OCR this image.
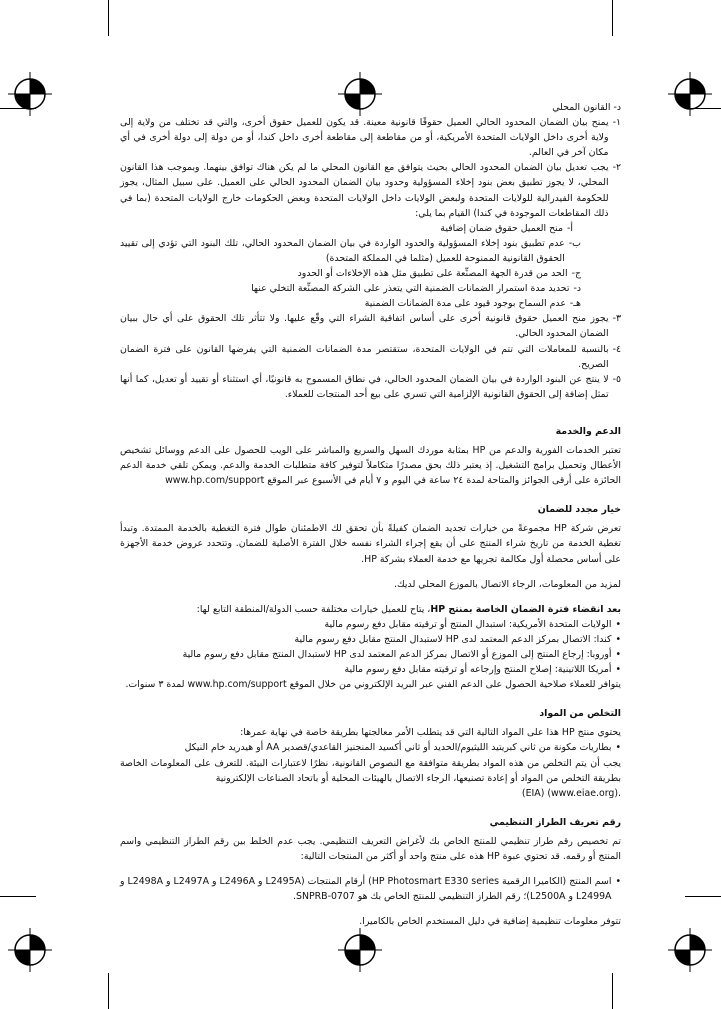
د- القانون المحلي

١-
يمنح بيان الضمان المحدود الحالي العميل حقوقًا قانونية معينة. قد يكون للعميل حقوق أخرى، والتي قد تختلف من ولاية إلى ولاية أخرى داخل الولايات المتحدة الأمريكية، أو من مقاطعة إلى مقاطعة أخرى داخل كندا، أو من دولة إلى دولة أخرى في أي مكان آخر في العالم.

٢-
يجب تعديل بيان الضمان المحدود الحالي بحيث يتوافق مع القانون المحلي ما لم يكن هناك توافق بينهما. وبموجب هذا القانون المحلي، لا يجوز تطبيق بعض بنود إخلاء المسؤولية وحدود بيان الضمان المحدود الحالي على العميل. على سبيل المثال، يجوز للحكومة الفيدرالية للولايات المتحدة ولبعض الولايات داخل الولايات المتحدة وبعض الحكومات خارج الولايات المتحدة (بما في ذلك المقاطعات الموجودة في كندا) القيام بما يلي:

أ-
منح العميل حقوق ضمان إضافية

ب-
عدم تطبيق بنود إخلاء المسؤولية والحدود الواردة في بيان الضمان المحدود الحالي، تلك البنود التي تؤدي إلى تقييد الحقوق القانونية الممنوحة للعميل (مثلما في المملكة المتحدة)

ج-
الحد من قدرة الجهة المصنِّعة على تطبيق مثل هذه الإخلاءات أو الحدود

د-
تحديد مدة استمرار الضمانات الضمنية التي يتعذر على الشركة المصنِّعة التخلي عنها

هـ-
عدم السماح بوجود قيود على مدة الضمانات الضمنية

٣-
يجوز منح العميل حقوق قانونية أخرى على أساس اتفاقية الشراء التي وقّع عليها. ولا تتأثر تلك الحقوق على أي حال ببيان الضمان المحدود الحالي.

٤-
بالنسبة للمعاملات التي تتم في الولايات المتحدة، ستقتصر مدة الضمانات الضمنية التي يفرضها القانون على فترة الضمان الصريح.

٥-
لا ينتج عن البنود الواردة في بيان الضمان المحدود الحالي، في نطاق المسموح به قانونيًا، أي استثناء أو تقييد أو تعديل، كما أنها تمثل إضافة إلى الحقوق القانونية الإلزامية التي تسري على بيع أحد المنتجات للعملاء.

الدعم والخدمة

تعتبر الخدمات الفورية والدعم من HP بمثابة موردك السهل والسريع والمباشر على الويب للحصول على الدعم ووسائل تشخيص الأعطال وتحميل برامج التشغيل. إذ يعتبر ذلك بحق مصدرًا متكاملاً لتوفير كافة متطلبات الخدمة والدعم. ويمكن تلقي خدمة الدعم الحائزة على أرقى الجوائز والمتاحة لمدة ٢٤ ساعة في اليوم و ٧ أيام في الأسبوع عبر الموقع www.hp.com/support

خيار مجدد للضمان

تعرض شركة HP مجموعةً من خيارات تجديد الضمان كفيلةً بأن تحقق لك الاطمئنان طوال فترة التغطية بالخدمة الممتدة. وتبدأ تغطية الخدمة من تاريخ شراء المنتج على أن يقع إجراء الشراء نفسه خلال الفترة الأصلية للضمان. وتتحدد عروض خدمة الأجهزة على أساس محصلة أول مكالمة تجريها مع خدمة العملاء بشركة HP.

لمزيد من المعلومات، الرجاء الاتصال بالموزع المحلي لديك.

بعد انقضاء فترة الضمان الخاصة بمنتج HP، يتاح للعميل خيارات مختلفة حسب الدولة/المنطقة التابع لها:

•
الولايات المتحدة الأمريكية: استبدال المنتج أو ترقيته مقابل دفع رسوم مالية

•
كندا: الاتصال بمركز الدعم المعتمد لدى HP لاستبدال المنتج مقابل دفع رسوم مالية

•
أوروبا: إرجاع المنتج إلى الموزع أو الاتصال بمركز الدعم المعتمد لدى HP لاستبدال المنتج مقابل دفع رسوم مالية

•
أمريكا اللاتينية: إصلاح المنتج وإرجاعه أو ترقيته مقابل دفع رسوم مالية

يتوافر للعملاء صلاحية الحصول على الدعم الفني عبر البريد الإلكتروني من خلال الموقع www.hp.com/support لمدة ٣ سنوات.

التخلص من المواد

يحتوي منتج HP هذا على المواد التالية التي قد يتطلب الأمر معالجتها بطريقة خاصة في نهاية عمرها:

•
بطاريات مكونة من ثاني كبريتيد الليثيوم/الحديد أو ثاني أكسيد المنجنيز القاعدي/قصدير AA أو هيدريد خام النيكل

يجب أن يتم التخلص من هذه المواد بطريقة متوافقة مع النصوص القانونية، نظرًا لاعتبارات البيئة. للتعرف على المعلومات الخاصة بطريقة التخلص من المواد أو إعادة تصنيعها، الرجاء الاتصال بالهيئات المحلية أو باتحاد الصناعات الإلكترونية

.(www.eiae.org) (EIA)

رقم تعريف الطراز التنظيمي

تم تخصيص رقم طراز تنظيمي للمنتج الخاص بك لأغراض التعريف التنظيمي. يجب عدم الخلط بين رقم الطراز التنظيمي واسم المنتج أو رقمه. قد تحتوي عبوة HP هذه على منتج واحد أو أكثر من المنتجات التالية:

•
اسم المنتج (الكاميرا الرقمية HP Photosmart E330 series) أرقام المنتجات (L2495A و L2496A و L2497A و L2498A و L2499A و L2500A)؛ رقم الطراز التنظيمي للمنتج الخاص بك هو SNPRB-0707.

تتوفر معلومات تنظيمية إضافية في دليل المستخدم الخاص بالكاميرا.
